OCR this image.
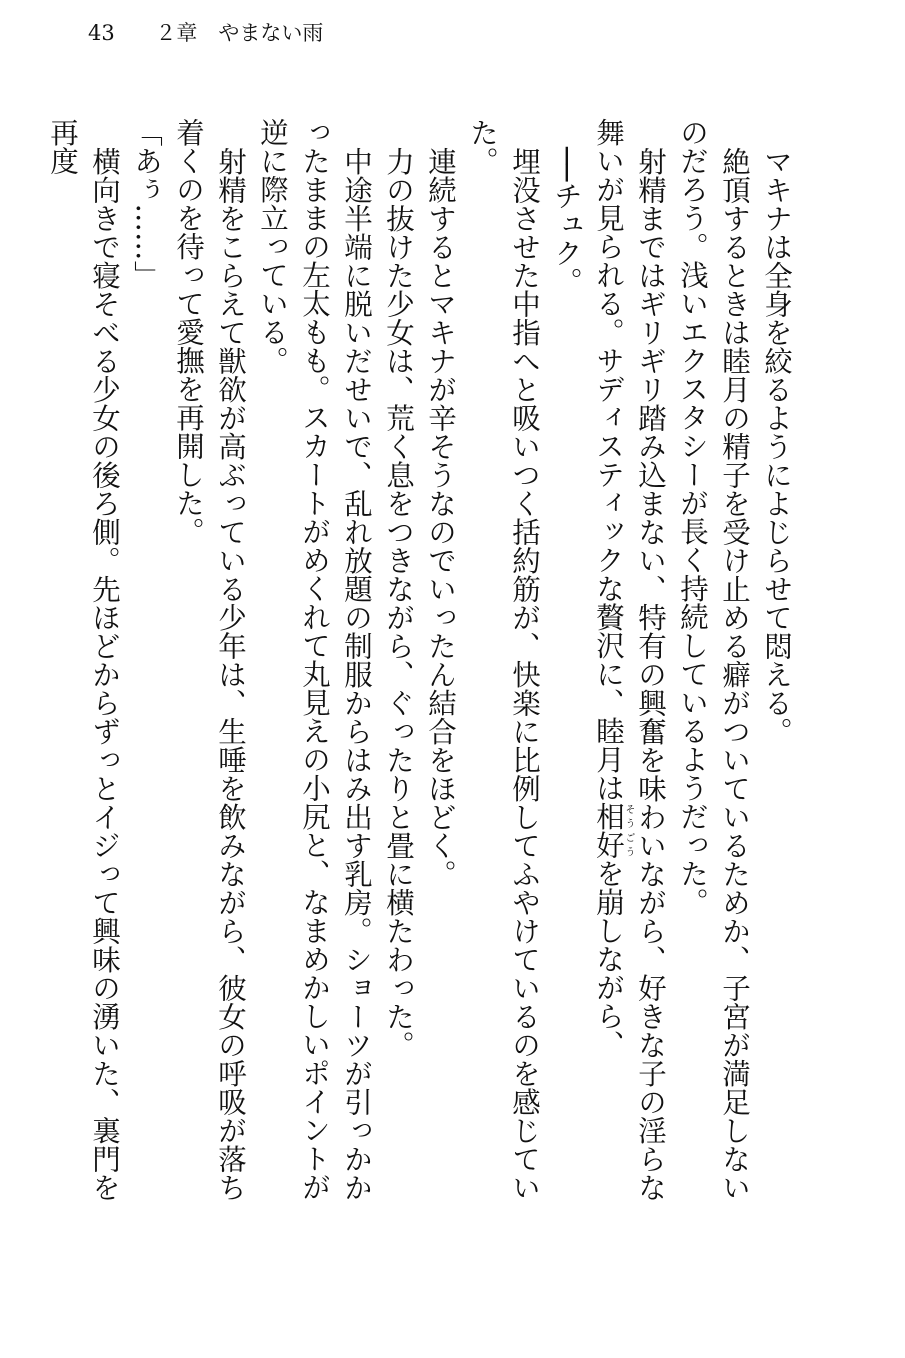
43 ２章　やまない雨

マキナは全身を絞るようによじらせて悶える。

絶頂するときは睦月の精子を受け止める癖がついているためか、子宮が満足しないのだろう。浅いエクスタシーが長く持続しているようだった。

射精まではギリギリ踏み込まない、特有の興奮を味わいながら、好きな子の淫らな舞いが見られる。サディスティックな贅沢に、睦月は相好そうごうを崩しながら、

──チュク。

埋没させた中指へと吸いつく括約筋が、快楽に比例してふやけているのを感じていた。

連続するとマキナが辛そうなのでいったん結合をほどく。

力の抜けた少女は、荒く息をつきながら、ぐったりと畳に横たわった。

中途半端に脱いだせいで、乱れ放題の制服からはみ出す乳房。ショーツが引っかかったままの左太もも。スカートがめくれて丸見えの小尻と、なまめかしいポイントが逆に際立っている。

射精をこらえて獣欲が高ぶっている少年は、生唾を飲みながら、彼女の呼吸が落ち着くのを待って愛撫を再開した。

「あぅ……」

横向きで寝そべる少女の後ろ側。先ほどからずっとイジって興味の湧いた、裏門を再度
